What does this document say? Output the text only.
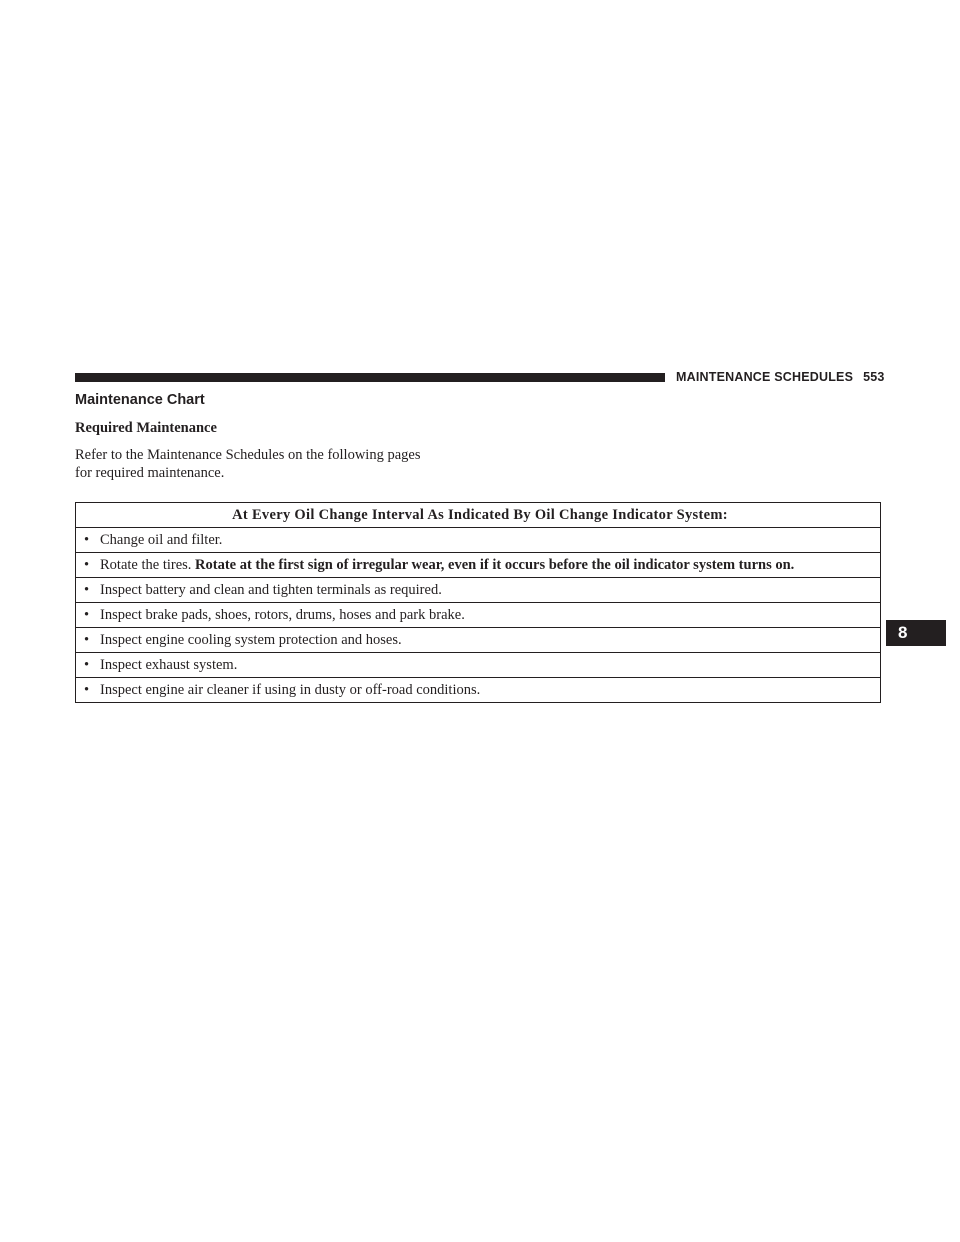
MAINTENANCE SCHEDULES 553
Maintenance Chart
Required Maintenance
Refer to the Maintenance Schedules on the following pages
for required maintenance.
At Every Oil Change Interval As Indicated By Oil Change Indicator System:

• Change oil and filter.

• Rotate the tires. Rotate at the first sign of irregular wear, even if it occurs before the oil indicator system turns on.

• Inspect battery and clean and tighten terminals as required.

• Inspect brake pads, shoes, rotors, drums, hoses and park brake.

• Inspect engine cooling system protection and hoses.

• Inspect exhaust system.

• Inspect engine air cleaner if using in dusty or off-road conditions.
8
